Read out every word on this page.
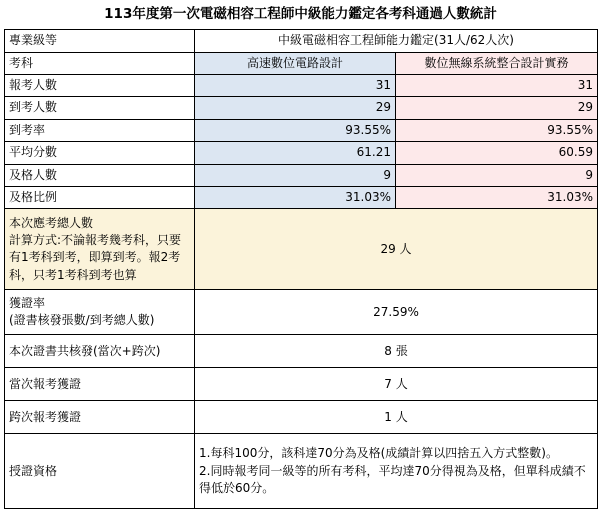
113年度第一次電磁相容工程師中級能力鑑定各考科通過人數統計
專業級等	中級電磁相容工程師能力鑑定(31人/62人次)	
考科	高速數位電路設計	數位無線系統整合設計實務
報考人數	31	31
到考人數	29	29
到考率	93.55%	93.55%
平均分數	61.21	60.59
及格人數	9	9
及格比例	31.03%	31.03%

本次應考總人數
計算方式:不論報考幾考科，只要
有1考科到考，即算到考。報2考
科，只考1考科到考也算	29 人	

獲證率
(證書核發張數/到考總人數)	27.59%	
本次證書共核發(當次+跨次)	8 張	
當次報考獲證	7 人	
跨次報考獲證	1 人	
授證資格	1.每科100分，該科達70分為及格(成績計算以四捨五入方式整數)。

2.同時報考同一級等的所有考科，平均達70分得視為及格，但單科成績不得低於60分。	
